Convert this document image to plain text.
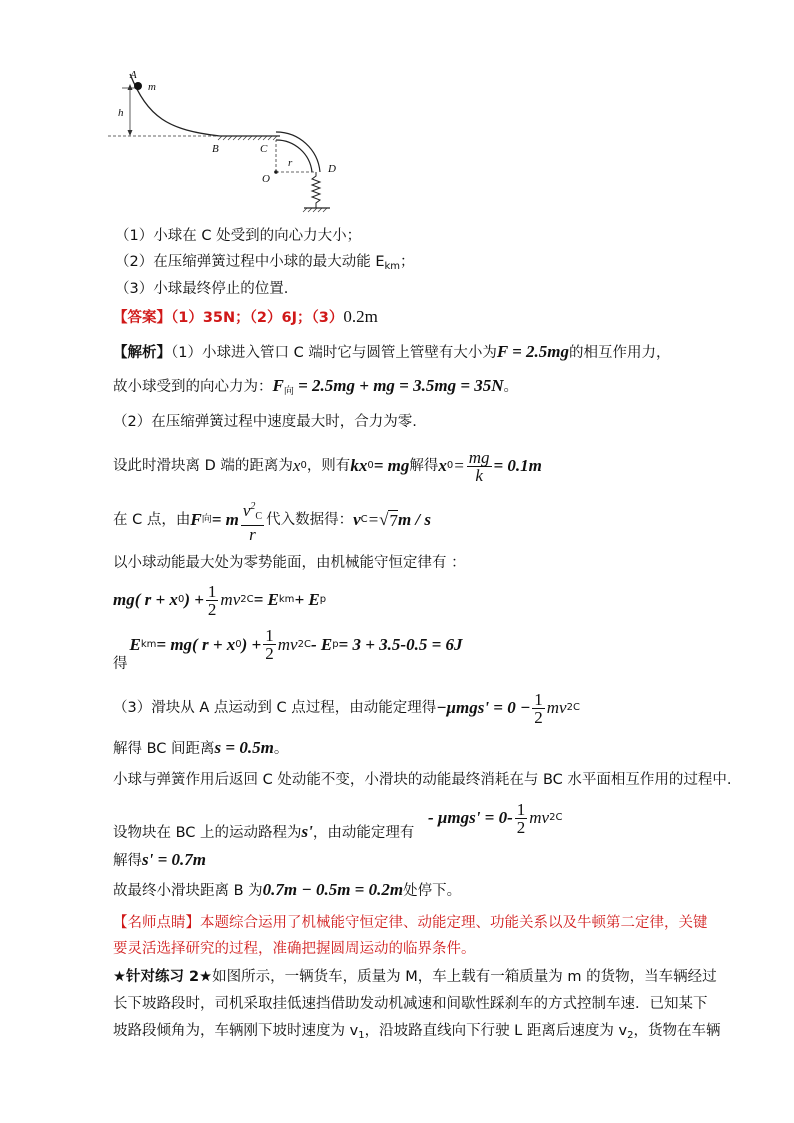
A
m
h
B	C
r
O
D
（1）小球在 C 处受到的向心力大小；
（2）在压缩弹簧过程中小球的最大动能 $E_{km}$；
（3）小球最终停止的位置.
【答案】（1）35N；（2）6J；（3）0.2m
【解析】（1）小球进入管口 C 端时它与圆管上管壁有大小为F = 2.5mg的相互作用力，
故小球受到的向心力为：$F_向 = 2.5mg$ + mg = 3.5mg = 35N。
（2）在压缩弹簧过程中速度最大时，合力为零.
设此时滑块离 D 端的距离为 x 0 ，则有 kx 0 = mg 解得 x $0 = \frac{mg}{k} = 0.1m$
在 C 点，由 F 向 = m $\frac{v^2_C}{r}$ 代入数据得： v C = √ 7 m / s
以小球动能最大处为零势能面，由机械能守恒定律有 ：
mg( r + x 0 ) + $\frac{1}{2}$ mv 2 C = E km + E p
得
E km = mg( r + x 0 ) + $\frac{1}{2}$ mv 2 C - E p = 3 + 3.5-0.5 = 6J
（3）滑块从 A 点运动到 C 点过程，由动能定理得 $-\mu mgs' = 0 - \frac{1}{2}$ mv 2 C
解得 BC 间距离s = 0.5m。
小球与弹簧作用后返回 C 处动能不变，小滑块的动能最终消耗在与 BC 水平面相互作用的过程中.
- $\mu mgs' = 0- \frac{1}{2}$ mv 2 C
设物块在 BC 上的运动路程为s'，由动能定理有
解得s' = 0.7m
故最终小滑块距离 B 为0.7m − 0.5m = 0.2m处停下。
【名师点睛】本题综合运用了机械能守恒定律、动能定理、功能关系以及牛顿第二定律，关键
要灵活选择研究的过程，准确把握圆周运动的临界条件。
★针对练习 2★如图所示，一辆货车，质量为 M，车上载有一箱质量为 m 的货物，当车辆经过
长下坡路段时，司机采取挂低速挡借助发动机减速和间歇性踩刹车的方式控制车速．已知某下
坡路段倾角为，车辆刚下坡时速度为 $v_1$，沿坡路直线向下行驶 L 距离后速度为 $v_2$，货物在车辆
